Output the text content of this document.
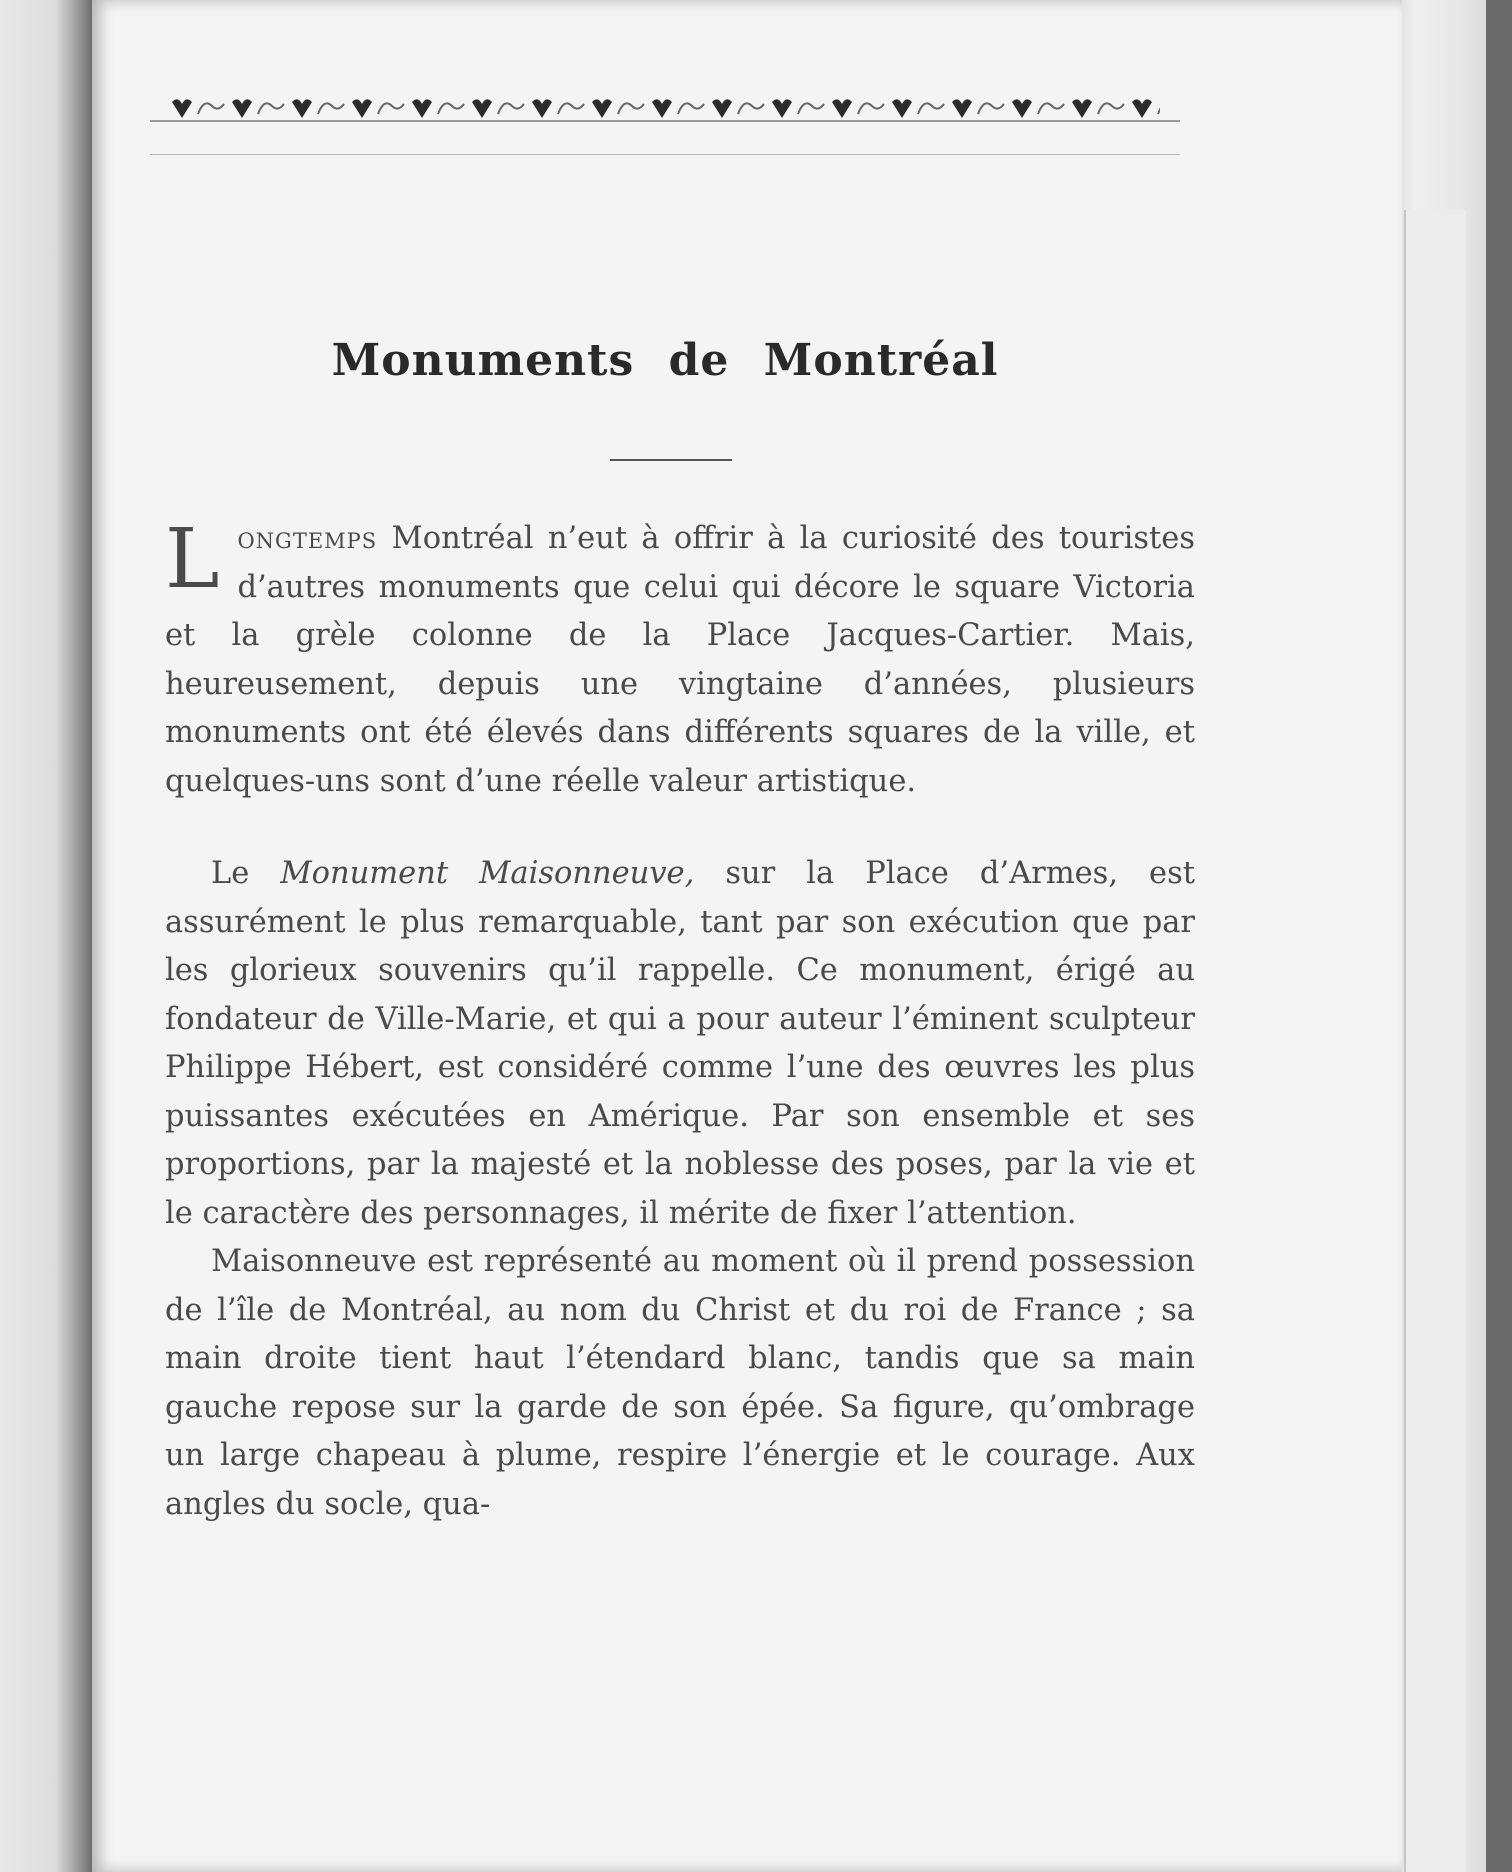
Monuments de Montréal

Longtemps Montréal n’eut à offrir à la curiosité des touristes d’autres monuments que celui qui décore le square Victoria et la grèle colonne de la Place Jacques-Cartier. Mais, heureusement, depuis une vingtaine d’années, plusieurs monuments ont été élevés dans différents squares de la ville, et quelques-uns sont d’une réelle valeur artistique.

Le Monument Maisonneuve, sur la Place d’Armes, est assurément le plus remarquable, tant par son exécution que par les glorieux souvenirs qu’il rappelle. Ce monument, érigé au fondateur de Ville-Marie, et qui a pour auteur l’éminent sculpteur Philippe Hébert, est considéré comme l’une des œuvres les plus puissantes exécutées en Amérique. Par son ensemble et ses proportions, par la majesté et la noblesse des poses, par la vie et le caractère des personnages, il mérite de fixer l’attention.

Maisonneuve est représenté au moment où il prend possession de l’île de Montréal, au nom du Christ et du roi de France ; sa main droite tient haut l’étendard blanc, tandis que sa main gauche repose sur la garde de son épée. Sa figure, qu’ombrage un large chapeau à plume, respire l’énergie et le courage. Aux angles du socle, qua-
